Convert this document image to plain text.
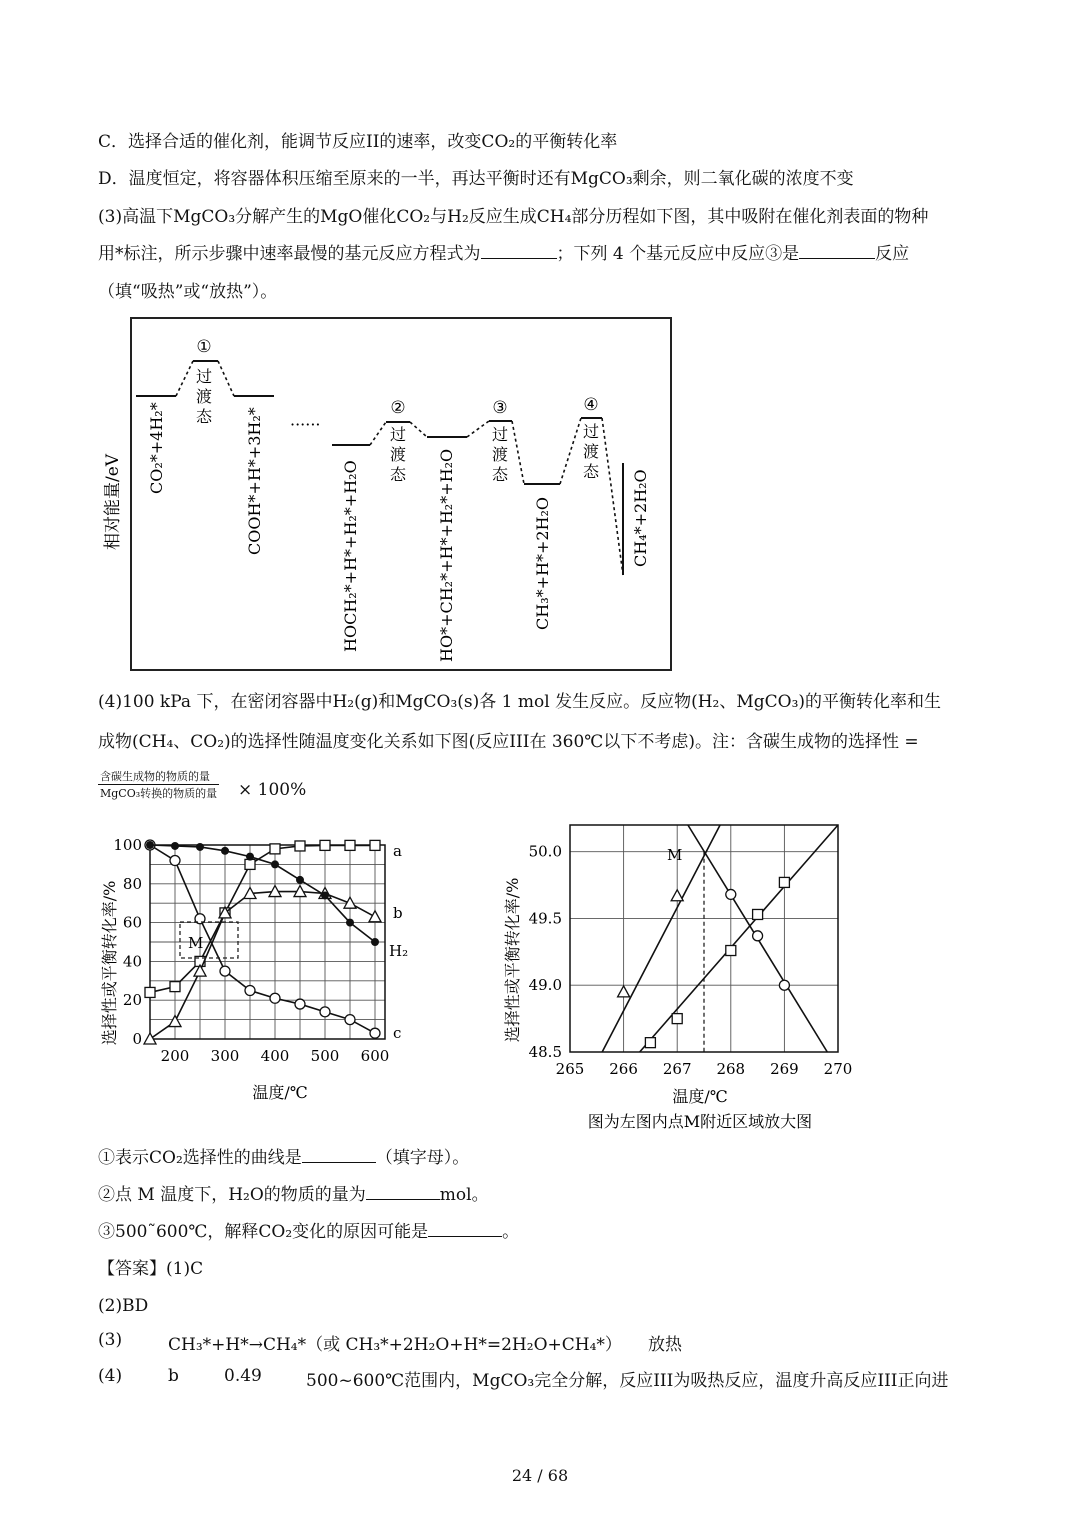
C．选择合适的催化剂，能调节反应II的速率，改变CO₂的平衡转化率
D．温度恒定，将容器体积压缩至原来的一半，再达平衡时还有MgCO₃剩余，则二氧化碳的浓度不变
(3)高温下MgCO₃分解产生的MgO催化CO₂与H₂反应生成CH₄部分历程如下图，其中吸附在催化剂表面的物种
用*标注，所示步骤中速率最慢的基元反应方程式为	；下列 4 个基元反应中反应③是	反应
（填“吸热”或“放热”）。
相对能量/eV
······
①
②	③	④
过
渡
态
过
渡
态
过
渡
态
过
渡
态
CO₂*+4H₂*	COOH*+H*+3H₂*	HOCH₂*+H*+H₂*+H₂O	HO*+CH₂*+H*+H₂*+H₂O	CH₃*+H*+2H₂O	CH₄*+2H₂O
(4)100 kPa 下，在密闭容器中H₂(g)和MgCO₃(s)各 1 mol 发生反应。反应物(H₂、MgCO₃)的平衡转化率和生
成物(CH₄、CO₂)的选择性随温度变化关系如下图(反应III在 360℃以下不考虑)。注：含碳生成物的选择性 =
含碳生成物的物质的量
MgCO₃转换的物质的量 × 100%
200 300 400 500 600
0
20
40
60
80
100
选择性或平衡转化率/%
温度/℃
M
a
b
c
H₂
265 266 267 268 269 270
48.5
49.0
49.5
50.0
选择性或平衡转化率/%
温度/℃
图为左图内点M附近区域放大图
M
①表示CO₂选择性的曲线是	（填字母）。
②点 M 温度下，H₂O的物质的量为	mol。
③500˜600℃，解释CO₂变化的原因可能是	。
【答案】(1)C
(2)BD
(3)	CH₃*+H*→CH₄*（或 CH₃*+2H₂O+H*=2H₂O+CH₄*） 放热
(4)	b	0.49	500~600℃范围内，MgCO₃完全分解，反应III为吸热反应，温度升高反应III正向进
24 / 68
